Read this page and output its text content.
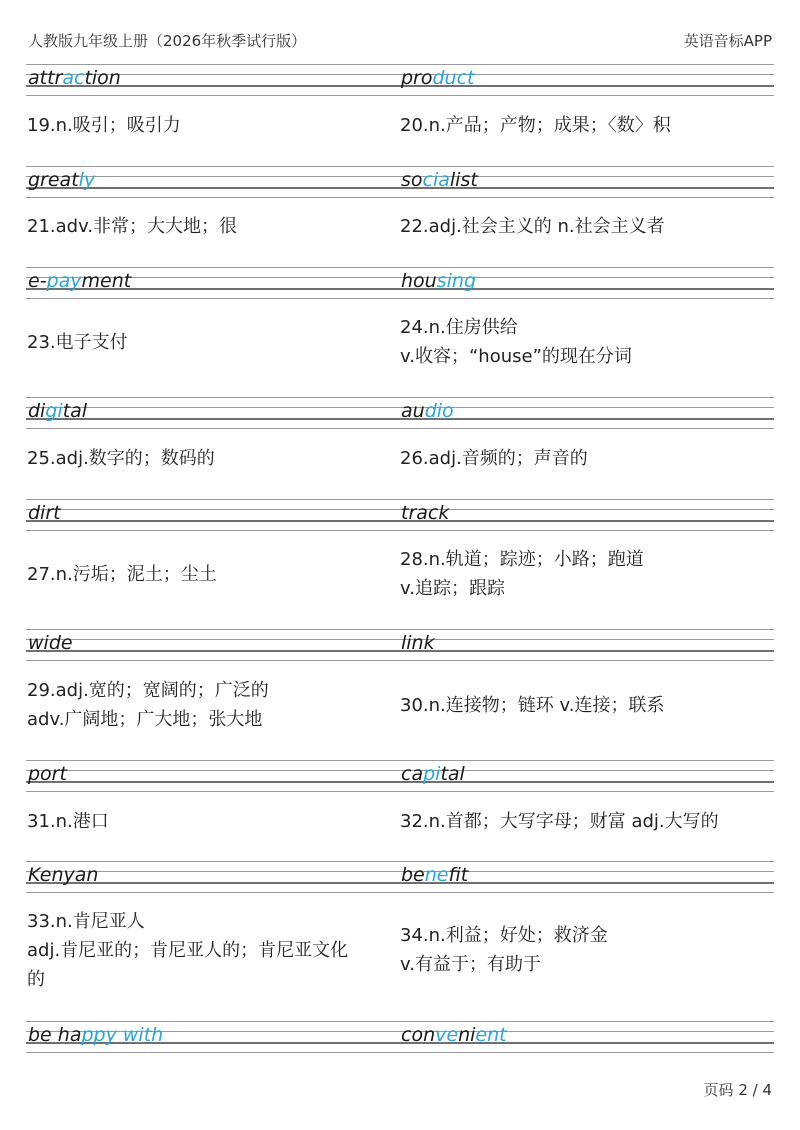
人教版九年级上册（2026年秋季试行版）	英语音标APP
attraction
19.n.吸引；吸引力
product
20.n.产品；产物；成果；〈数〉积
greatly
21.adv.非常；大大地；很
socialist
22.adj.社会主义的 n.社会主义者
e-payment
23.电子支付
housing
24.n.住房供给
v.收容；“house”的现在分词
digital
25.adj.数字的；数码的
audio
26.adj.音频的；声音的
dirt
27.n.污垢；泥土；尘土
track
28.n.轨道；踪迹；小路；跑道
v.追踪；跟踪
wide
29.adj.宽的；宽阔的；广泛的
adv.广阔地；广大地；张大地
link
30.n.连接物；链环 v.连接；联系
port
31.n.港口
capital
32.n.首都；大写字母；财富 adj.大写的
Kenyan
33.n.肯尼亚人
adj.肯尼亚的；肯尼亚人的；肯尼亚文化
的
benefit
34.n.利益；好处；救济金
v.有益于；有助于
be happy with	convenient
页码 2 / 4
